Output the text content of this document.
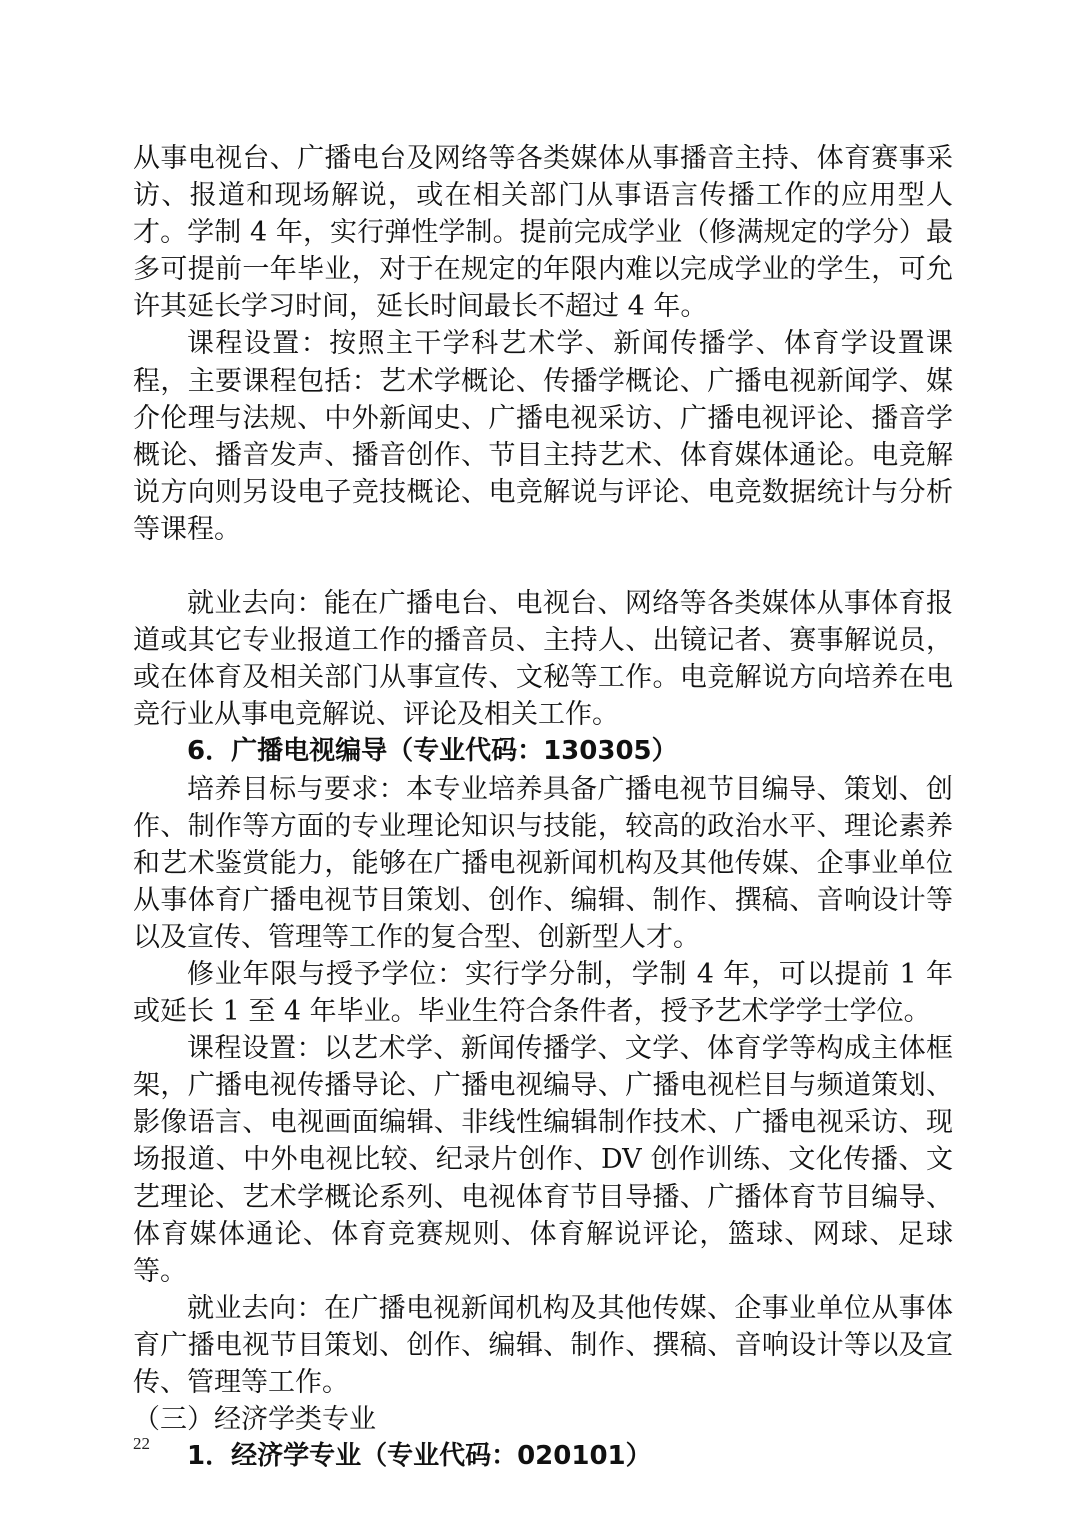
从事电视台、广播电台及网络等各类媒体从事播音主持、体育赛事采访、报道和现场解说，或在相关部门从事语言传播工作的应用型人才。学制 4 年，实行弹性学制。提前完成学业（修满规定的学分）最多可提前一年毕业，对于在规定的年限内难以完成学业的学生，可允许其延长学习时间，延长时间最长不超过 4 年。

课程设置：按照主干学科艺术学、新闻传播学、体育学设置课程，主要课程包括：艺术学概论、传播学概论、广播电视新闻学、媒介伦理与法规、中外新闻史、广播电视采访、广播电视评论、播音学概论、播音发声、播音创作、节目主持艺术、体育媒体通论。电竞解说方向则另设电子竞技概论、电竞解说与评论、电竞数据统计与分析等课程。

就业去向：能在广播电台、电视台、网络等各类媒体从事体育报道或其它专业报道工作的播音员、主持人、出镜记者、赛事解说员，或在体育及相关部门从事宣传、文秘等工作。电竞解说方向培养在电竞行业从事电竞解说、评论及相关工作。

6．广播电视编导（专业代码：130305）

培养目标与要求：本专业培养具备广播电视节目编导、策划、创作、制作等方面的专业理论知识与技能，较高的政治水平、理论素养和艺术鉴赏能力，能够在广播电视新闻机构及其他传媒、企事业单位从事体育广播电视节目策划、创作、编辑、制作、撰稿、音响设计等以及宣传、管理等工作的复合型、创新型人才。

修业年限与授予学位：实行学分制，学制 4 年，可以提前 1 年或延长 1 至 4 年毕业。毕业生符合条件者，授予艺术学学士学位。

课程设置：以艺术学、新闻传播学、文学、体育学等构成主体框架，广播电视传播导论、广播电视编导、广播电视栏目与频道策划、影像语言、电视画面编辑、非线性编辑制作技术、广播电视采访、现场报道、中外电视比较、纪录片创作、DV 创作训练、文化传播、文艺理论、艺术学概论系列、电视体育节目导播、广播体育节目编导、体育媒体通论、体育竞赛规则、体育解说评论，篮球、网球、足球等。

就业去向：在广播电视新闻机构及其他传媒、企事业单位从事体育广播电视节目策划、创作、编辑、制作、撰稿、音响设计等以及宣传、管理等工作。

（三）经济学类专业

1．经济学专业（专业代码：020101）

22
